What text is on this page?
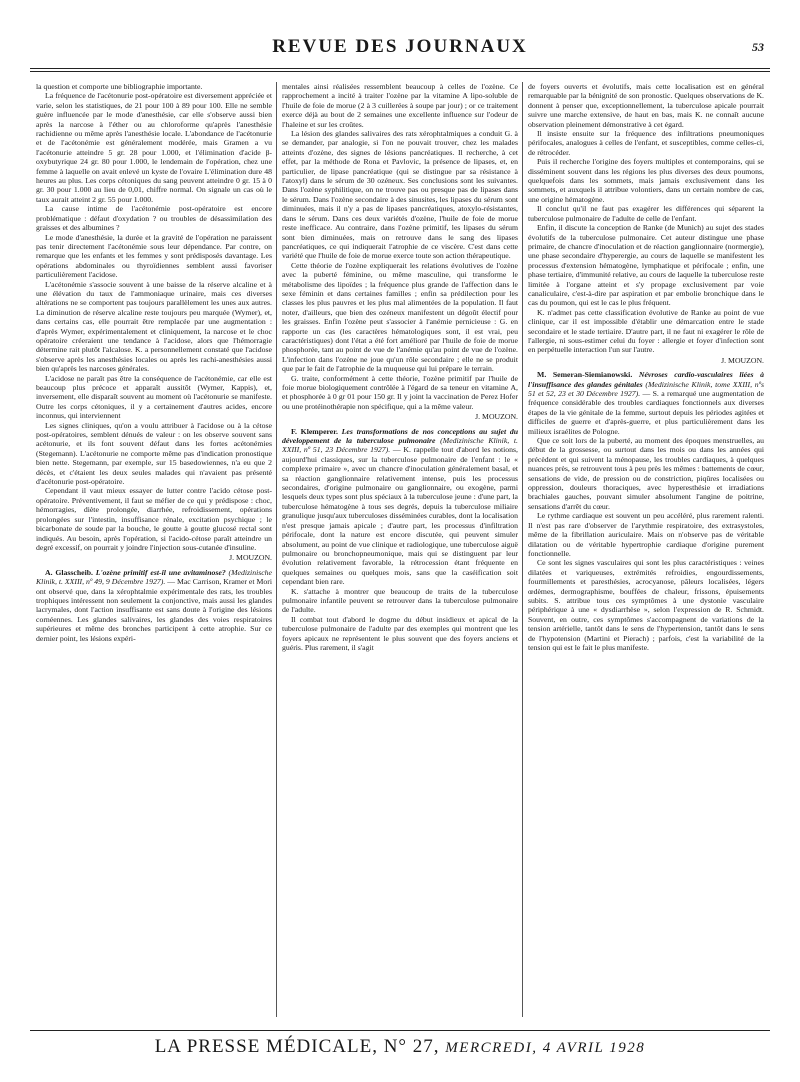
REVUE DES JOURNAUX	53

la question et comporte une bibliographie importante.

La fréquence de l'acétonurie post-opératoire est diversement appréciée et varie, selon les statistiques, de 21 pour 100 à 89 pour 100. Elle ne semble guère influencée par le mode d'anesthésie, car elle s'observe aussi bien après la narcose à l'éther ou au chloroforme qu'après l'anesthésie rachidienne ou même après l'anesthésie locale. L'abondance de l'acétonurie et de l'acétonémie est généralement modérée, mais Gramen a vu l'acétonurie atteindre 5 gr. 28 pour 1.000, et l'élimination d'acide β-oxybutyrique 24 gr. 80 pour 1.000, le lendemain de l'opération, chez une femme à laquelle on avait enlevé un kyste de l'ovaire L'élimination dure 48 heures au plus. Les corps cétoniques du sang peuvent atteindre 0 gr. 15 à 0 gr. 30 pour 1.000 au lieu de 0,01, chiffre normal. On signale un cas où le taux aurait atteint 2 gr. 55 pour 1.000.

La cause intime de l'acétonémie post-opératoire est encore problématique : défaut d'oxydation ? ou troubles de désassimilation des graisses et des albumines ?

Le mode d'anesthésie, la durée et la gravité de l'opération ne paraissent pas tenir directement l'acétonémie sous leur dépendance. Par contre, on remarque que les enfants et les femmes y sont prédisposés davantage. Les opérations abdominales ou thyroïdiennes semblent aussi favoriser particulièrement l'acidose.

L'acétonémie s'associe souvent à une baisse de la réserve alcaline et à une élévation du taux de l'ammoniaque urinaire, mais ces diverses altérations ne se comportent pas toujours parallèlement les unes aux autres. La diminution de réserve alcaline reste toujours peu marquée (Wymer), et, dans certains cas, elle pourrait être remplacée par une augmentation : d'après Wymer, expérimentalement et cliniquement, la narcose et le choc opératoire créeraient une tendance à l'acidose, alors que l'hémorragie détermine rait plutôt l'alcalose. K. a personnellement constaté que l'acidose s'observe après les anesthésies locales ou après les rachi-anesthésies aussi bien qu'après les narcoses générales.

L'acidose ne paraît pas être la conséquence de l'acétonémie, car elle est beaucoup plus précoce et apparaît aussitôt (Wymer, Kappis), et, inversement, elle disparaît souvent au moment où l'acétonurie se manifeste. Outre les corps cétoniques, il y a certainement d'autres acides, encore inconnus, qui interviennent

Les signes cliniques, qu'on a voulu attribuer à l'acidose ou à la cétose post-opératoires, semblent dénués de valeur : on les observe souvent sans acétonurie, et ils font souvent défaut dans les fortes acétonémies (Stegemann). L'acétonurie ne comporte même pas d'indication pronostique bien nette. Stegemann, par exemple, sur 15 basedowiennes, n'a eu que 2 décès, et c'étaient les deux seules malades qui n'avaient pas présenté d'acétonurie post-opératoire.

Cependant il vaut mieux essayer de lutter contre l'acido cétose post-opératoire. Préventivement, il faut se méfier de ce qui y prédispose : choc, hémorragies, diète prolongée, diarrhée, refroidissement, opérations prolongées sur l'intestin, insuffisance rénale, excitation psychique ; le bicarbonate de soude par la bouche, le goutte à goutte glucosé rectal sont indiqués. Au besoin, après l'opération, si l'acido-cétose paraît atteindre un degré excessif, on pourrait y joindre l'injection sous-cutanée d'insuline.

J. MOUZON.

A. Glasscheib. L'ozène primitif est-il une avitaminose? (Medizinische Klinik, t. XXIII, nº 49, 9 Décembre 1927). — Mac Carrison, Kramer et Mori ont observé que, dans la xérophtalmie expérimentale des rats, les troubles trophiques intéressent non seulement la conjonctive, mais aussi les glandes lacrymales, dont l'action insuffisante est sans doute à l'origine des lésions cornéennes. Les glandes salivaires, les glandes des voies respiratoires supérieures et même des bronches participent à cette atrophie. Sur ce dernier point, les lésions expéri-

mentales ainsi réalisées ressemblent beaucoup à celles de l'ozène. Ce rapprochement a incité à traiter l'ozène par la vitamine A lipo-soluble de l'huile de foie de morue (2 à 3 cuillerées à soupe par jour) ; or ce traitement exerce déjà au bout de 2 semaines une excellente influence sur l'odeur de l'haleine et sur les croûtes.

La lésion des glandes salivaires des rats xérophtalmiques a conduit G. à se demander, par analogie, si l'on ne pouvait trouver, chez les malades atteints d'ozène, des signes de lésions pancréatiques. Il recherche, à cet effet, par la méthode de Rona et Pavlovic, la présence de lipases, et, en particulier, de lipase pancréatique (qui se distingue par sa résistance à l'atoxyl) dans le sérum de 30 ozéneux. Ses conclusions sont les suivantes. Dans l'ozène syphilitique, on ne trouve pas ou presque pas de lipases dans le sérum. Dans l'ozène secondaire à des sinusites, les lipases du sérum sont diminuées, mais il n'y a pas de lipases pancréatiques, atoxylo-résistantes, dans le sérum. Dans ces deux variétés d'ozène, l'huile de foie de morue reste inefficace. Au contraire, dans l'ozène primitif, les lipases du sérum sont bien diminuées, mais on retrouve dans le sang des lipases pancréatiques, ce qui indiquerait l'atrophie de ce viscère. C'est dans cette variété que l'huile de foie de morue exerce toute son action thérapeutique.

Cette théorie de l'ozène expliquerait les relations évolutives de l'ozène avec la puberté féminine, ou même masculine, qui transforme le métabolisme des lipoïdes ; la fréquence plus grande de l'affection dans le sexe féminin et dans certaines familles ; enfin sa prédilection pour les classes les plus pauvres et les plus mal alimentées de la population. Il faut noter, d'ailleurs, que bien des ozéneux manifestent un dégoût électif pour les graisses. Enfin l'ozène peut s'associer à l'anémie pernicieuse : G. en rapporte un cas (les caractères hématologiques sont, il est vrai, peu caractéristiques) dont l'état a été fort amélioré par l'huile de foie de morue phosphorée, tant au point de vue de l'anémie qu'au point de vue de l'ozène. L'infection dans l'ozène ne joue qu'un rôle secondaire ; elle ne se produit que par le fait de l'atrophie de la muqueuse qui lui prépare le terrain.

G. traite, conformément à cette théorie, l'ozène primitif par l'huile de foie morue biologiquement contrôlée à l'égard de sa teneur en vitamine A, et phosphorée à 0 gr 01 pour 150 gr. Il y joint la vaccination de Perez Hofer ou une protéinothérapie non spécifique, qui a la même valeur.

J. MOUZON.

F. Klemperer. Les transformations de nos conceptions au sujet du développement de la tuberculose pulmonaire (Medizinische Klinik, t. XXIII, nº 51, 23 Décembre 1927). — K. rappelle tout d'abord les notions, aujourd'hui classiques, sur la tuberculose pulmonaire de l'enfant : le « complexe primaire », avec un chancre d'inoculation généralement basal, et sa réaction ganglionnaire relativement intense, puis les processus secondaires, d'origine pulmonaire ou ganglionnaire, ou exogène, parmi lesquels deux types sont plus spéciaux à la tuberculose jeune : d'une part, la tuberculose hématogène à tous ses degrés, depuis la tuberculose miliaire granulique jusqu'aux tuberculoses disséminées curables, dont la localisation n'est presque jamais apicale ; d'autre part, les processus d'infiltration périfocale, dont la nature est encore discutée, qui peuvent simuler absolument, au point de vue clinique et radiologique, une tuberculose aiguë pulmonaire ou bronchopneumonique, mais qui se distinguent par leur évolution relativement favorable, la rétrocession étant fréquente en quelques semaines ou quelques mois, sans que la caséification soit cependant bien rare.

K. s'attache à montrer que beaucoup de traits de la tuberculose pulmonaire infantile peuvent se retrouver dans la tuberculose pulmonaire de l'adulte.

Il combat tout d'abord le dogme du début insidieux et apical de la tuberculose pulmonaire de l'adulte par des exemples qui montrent que les foyers apicaux ne représentent le plus souvent que des foyers anciens et guéris. Plus rarement, il s'agit

de foyers ouverts et évolutifs, mais cette localisation est en général remarquable par la bénignité de son pronostic. Quelques observations de K. donnent à penser que, exceptionnellement, la tuberculose apicale pourrait suivre une marche extensive, de haut en bas, mais K. ne connaît aucune observation pleinement démonstrative à cet égard.

Il insiste ensuite sur la fréquence des infiltrations pneumoniques périfocales, analogues à celles de l'enfant, et susceptibles, comme celles-ci, de rétrocéder.

Puis il recherche l'origine des foyers multiples et contemporains, qui se disséminent souvent dans les régions les plus diverses des deux poumons, quelquefois dans les sommets, mais jamais exclusivement dans les sommets, et auxquels il attribue volontiers, dans un certain nombre de cas, une origine hématogène.

Il conclut qu'il ne faut pas exagérer les différences qui séparent la tuberculose pulmonaire de l'adulte de celle de l'enfant.

Enfin, il discute la conception de Ranke (de Munich) au sujet des stades évolutifs de la tuberculose pulmonaire. Cet auteur distingue une phase primaire, de chancre d'inoculation et de réaction ganglionnaire (normergie), une phase secondaire d'hyperergie, au cours de laquelle se manifestent les processus d'extension hématogène, lymphatique et périfocale ; enfin, une phase tertiaire, d'immunité relative, au cours de laquelle la tuberculose reste limitée à l'organe atteint et s'y propage exclusivement par voie canaliculaire, c'est-à-dire par aspiration et par embolie bronchique dans le cas du poumon, qui est le cas le plus fréquent.

K. n'admet pas cette classification évolutive de Ranke au point de vue clinique, car il est impossible d'établir une démarcation entre le stade secondaire et le stade tertiaire. D'autre part, il ne faut ni exagérer le rôle de l'allergie, ni sous-estimer celui du foyer : allergie et foyer d'infection sont en perpétuelle interaction l'un sur l'autre.

J. MOUZON.

M. Semeran-Siemianowski. Névroses cardio-vasculaires liées à l'insuffisance des glandes génitales (Medizinische Klinik, tome XXIII, nºs 51 et 52, 23 et 30 Décembre 1927). — S. a remarqué une augmentation de fréquence considérable des troubles cardiaques fonctionnels aux diverses étapes de la vie génitale de la femme, surtout depuis les périodes agitées et difficiles de guerre et d'après-guerre, et plus particulièrement dans les milieux israélites de Pologne.

Que ce soit lors de la puberté, au moment des époques menstruelles, au début de la grossesse, ou surtout dans les mois ou dans les années qui précèdent et qui suivent la ménopause, les troubles cardiaques, à quelques nuances près, se retrouvent tous à peu près les mêmes : battements de cœur, sensations de vide, de pression ou de constriction, piqûres localisées ou oppression, douleurs thoraciques, avec hyperesthésie et irradiations brachiales gauches, pouvant simuler absolument l'angine de poitrine, sensations d'arrêt du cœur.

Le rythme cardiaque est souvent un peu accéléré, plus rarement ralenti. Il n'est pas rare d'observer de l'arythmie respiratoire, des extrasystoles, même de la fibrillation auriculaire. Mais on n'observe pas de véritable dilatation ou de véritable hypertrophie cardiaque d'origine purement fonctionnelle.

Ce sont les signes vasculaires qui sont les plus caractéristiques : veines dilatées et variqueuses, extrémités refroidies, engourdissements, fourmillements et paresthésies, acrocyanose, pâleurs localisées, légers œdèmes, dermographisme, bouffées de chaleur, frissons, épuisements subits. S. attribue tous ces symptômes à une dystonie vasculaire périphérique à une « dysdiarrhèse », selon l'expression de R. Schmidt. Souvent, en outre, ces symptômes s'accompagnent de variations de la tension artérielle, tantôt dans le sens de l'hypertension, tantôt dans le sens de l'hypotension (Martini et Pierach) ; parfois, c'est la variabilité de la tension qui est le fait le plus manifeste.

LA PRESSE MÉDICALE, N° 27, MERCREDI, 4 AVRIL 1928
